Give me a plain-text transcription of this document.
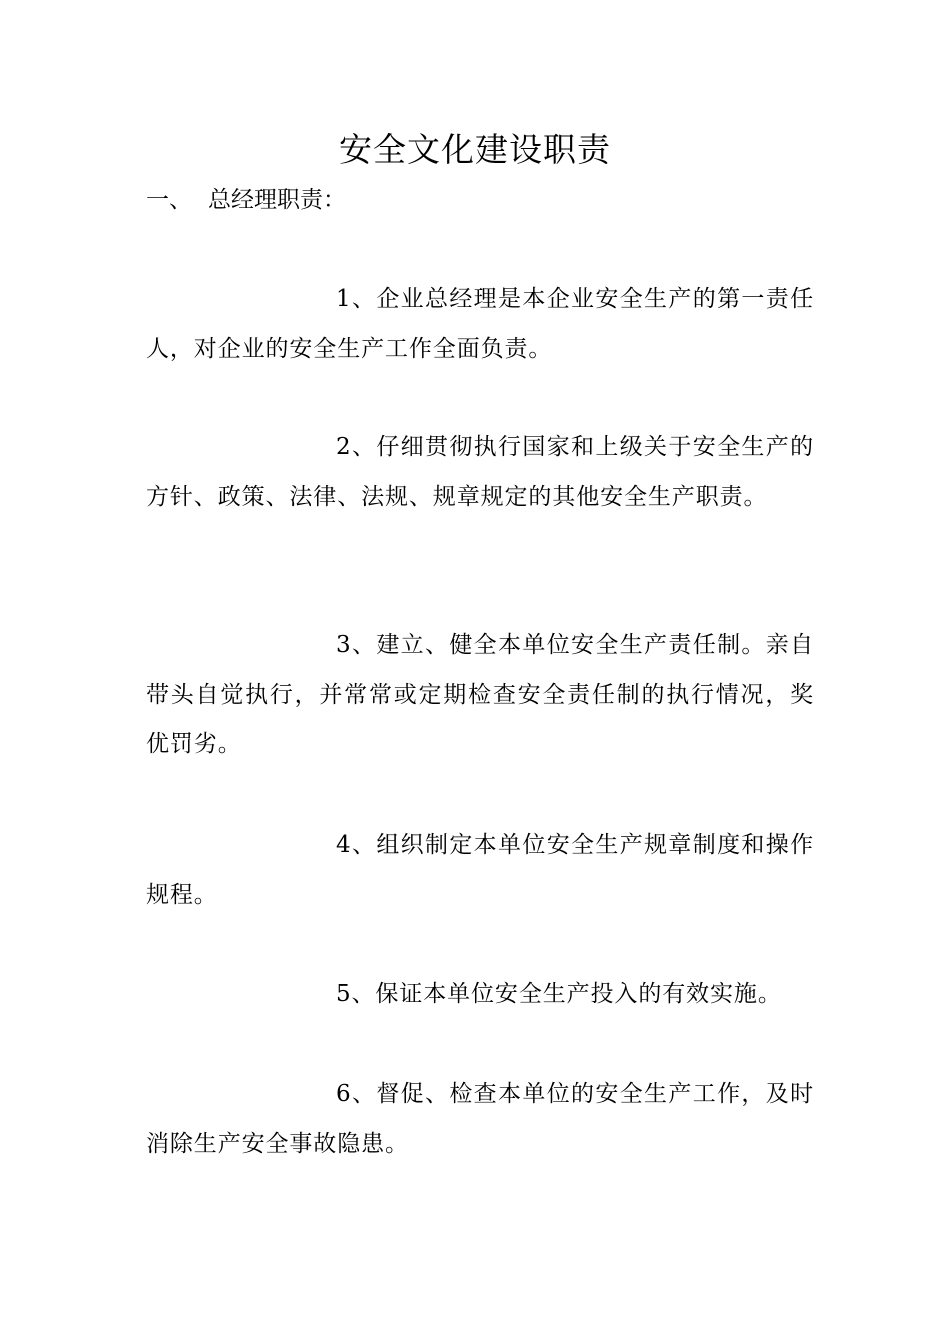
安全文化建设职责
一、 总经理职责：

1、企业总经理是本企业安全生产的第一责任人，对企业的安全生产工作全面负责。

2、仔细贯彻执行国家和上级关于安全生产的方针、政策、法律、法规、规章规定的其他安全生产职责。

3、建立、健全本单位安全生产责任制。亲自带头自觉执行，并常常或定期检查安全责任制的执行情况，奖优罚劣。

4、组织制定本单位安全生产规章制度和操作规程。

5、保证本单位安全生产投入的有效实施。

6、督促、检查本单位的安全生产工作，及时消除生产安全事故隐患。
